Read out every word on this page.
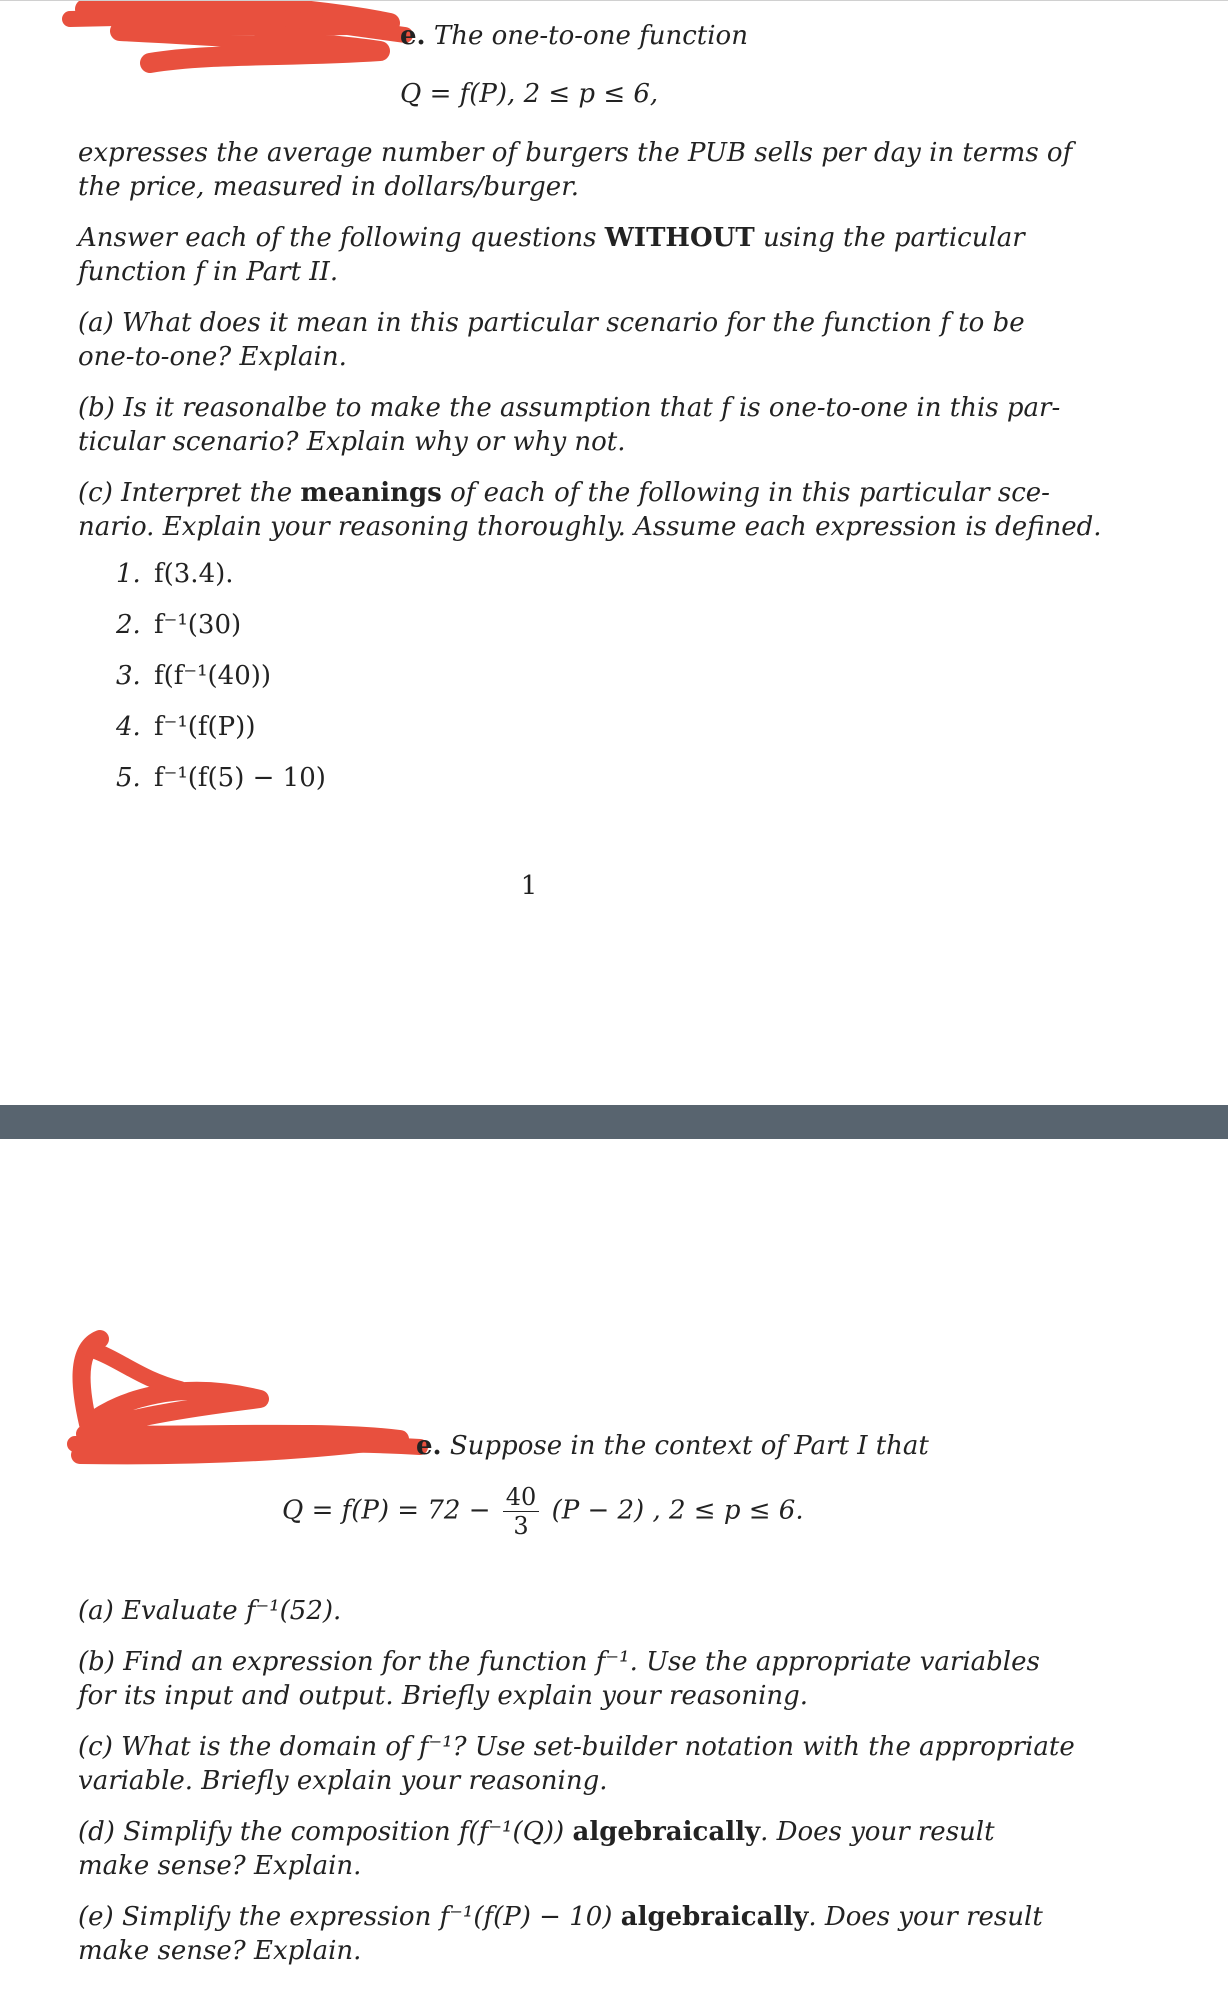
e. The one-to-one function

Q = f(P), 2 ≤ p ≤ 6,

expresses the average number of burgers the PUB sells per day in terms of

the price, measured in dollars/burger.

Answer each of the following questions WITHOUT using the particular

function f in Part II.

(a) What does it mean in this particular scenario for the function f to be

one-to-one? Explain.

(b) Is it reasonalbe to make the assumption that f is one-to-one in this par-

ticular scenario? Explain why or why not.

(c) Interpret the meanings of each of the following in this particular sce-

nario. Explain your reasoning thoroughly. Assume each expression is defined.

1. f(3.4).
2. f⁻¹(30)
3. f(f⁻¹(40))
4. f⁻¹(f(P))
5. f⁻¹(f(5) − 10)
1

e. Suppose in the context of Part I that

$Q = f(P) = 72 - \frac{40}{3} (P - 2)$ , 2 ≤ p ≤ 6.

(a) Evaluate f⁻¹(52).

(b) Find an expression for the function f⁻¹. Use the appropriate variables

for its input and output. Briefly explain your reasoning.

(c) What is the domain of f⁻¹? Use set-builder notation with the appropriate

variable. Briefly explain your reasoning.

(d) Simplify the composition f(f⁻¹(Q)) algebraically. Does your result

make sense? Explain.

(e) Simplify the expression f⁻¹(f(P) − 10) algebraically. Does your result

make sense? Explain.
